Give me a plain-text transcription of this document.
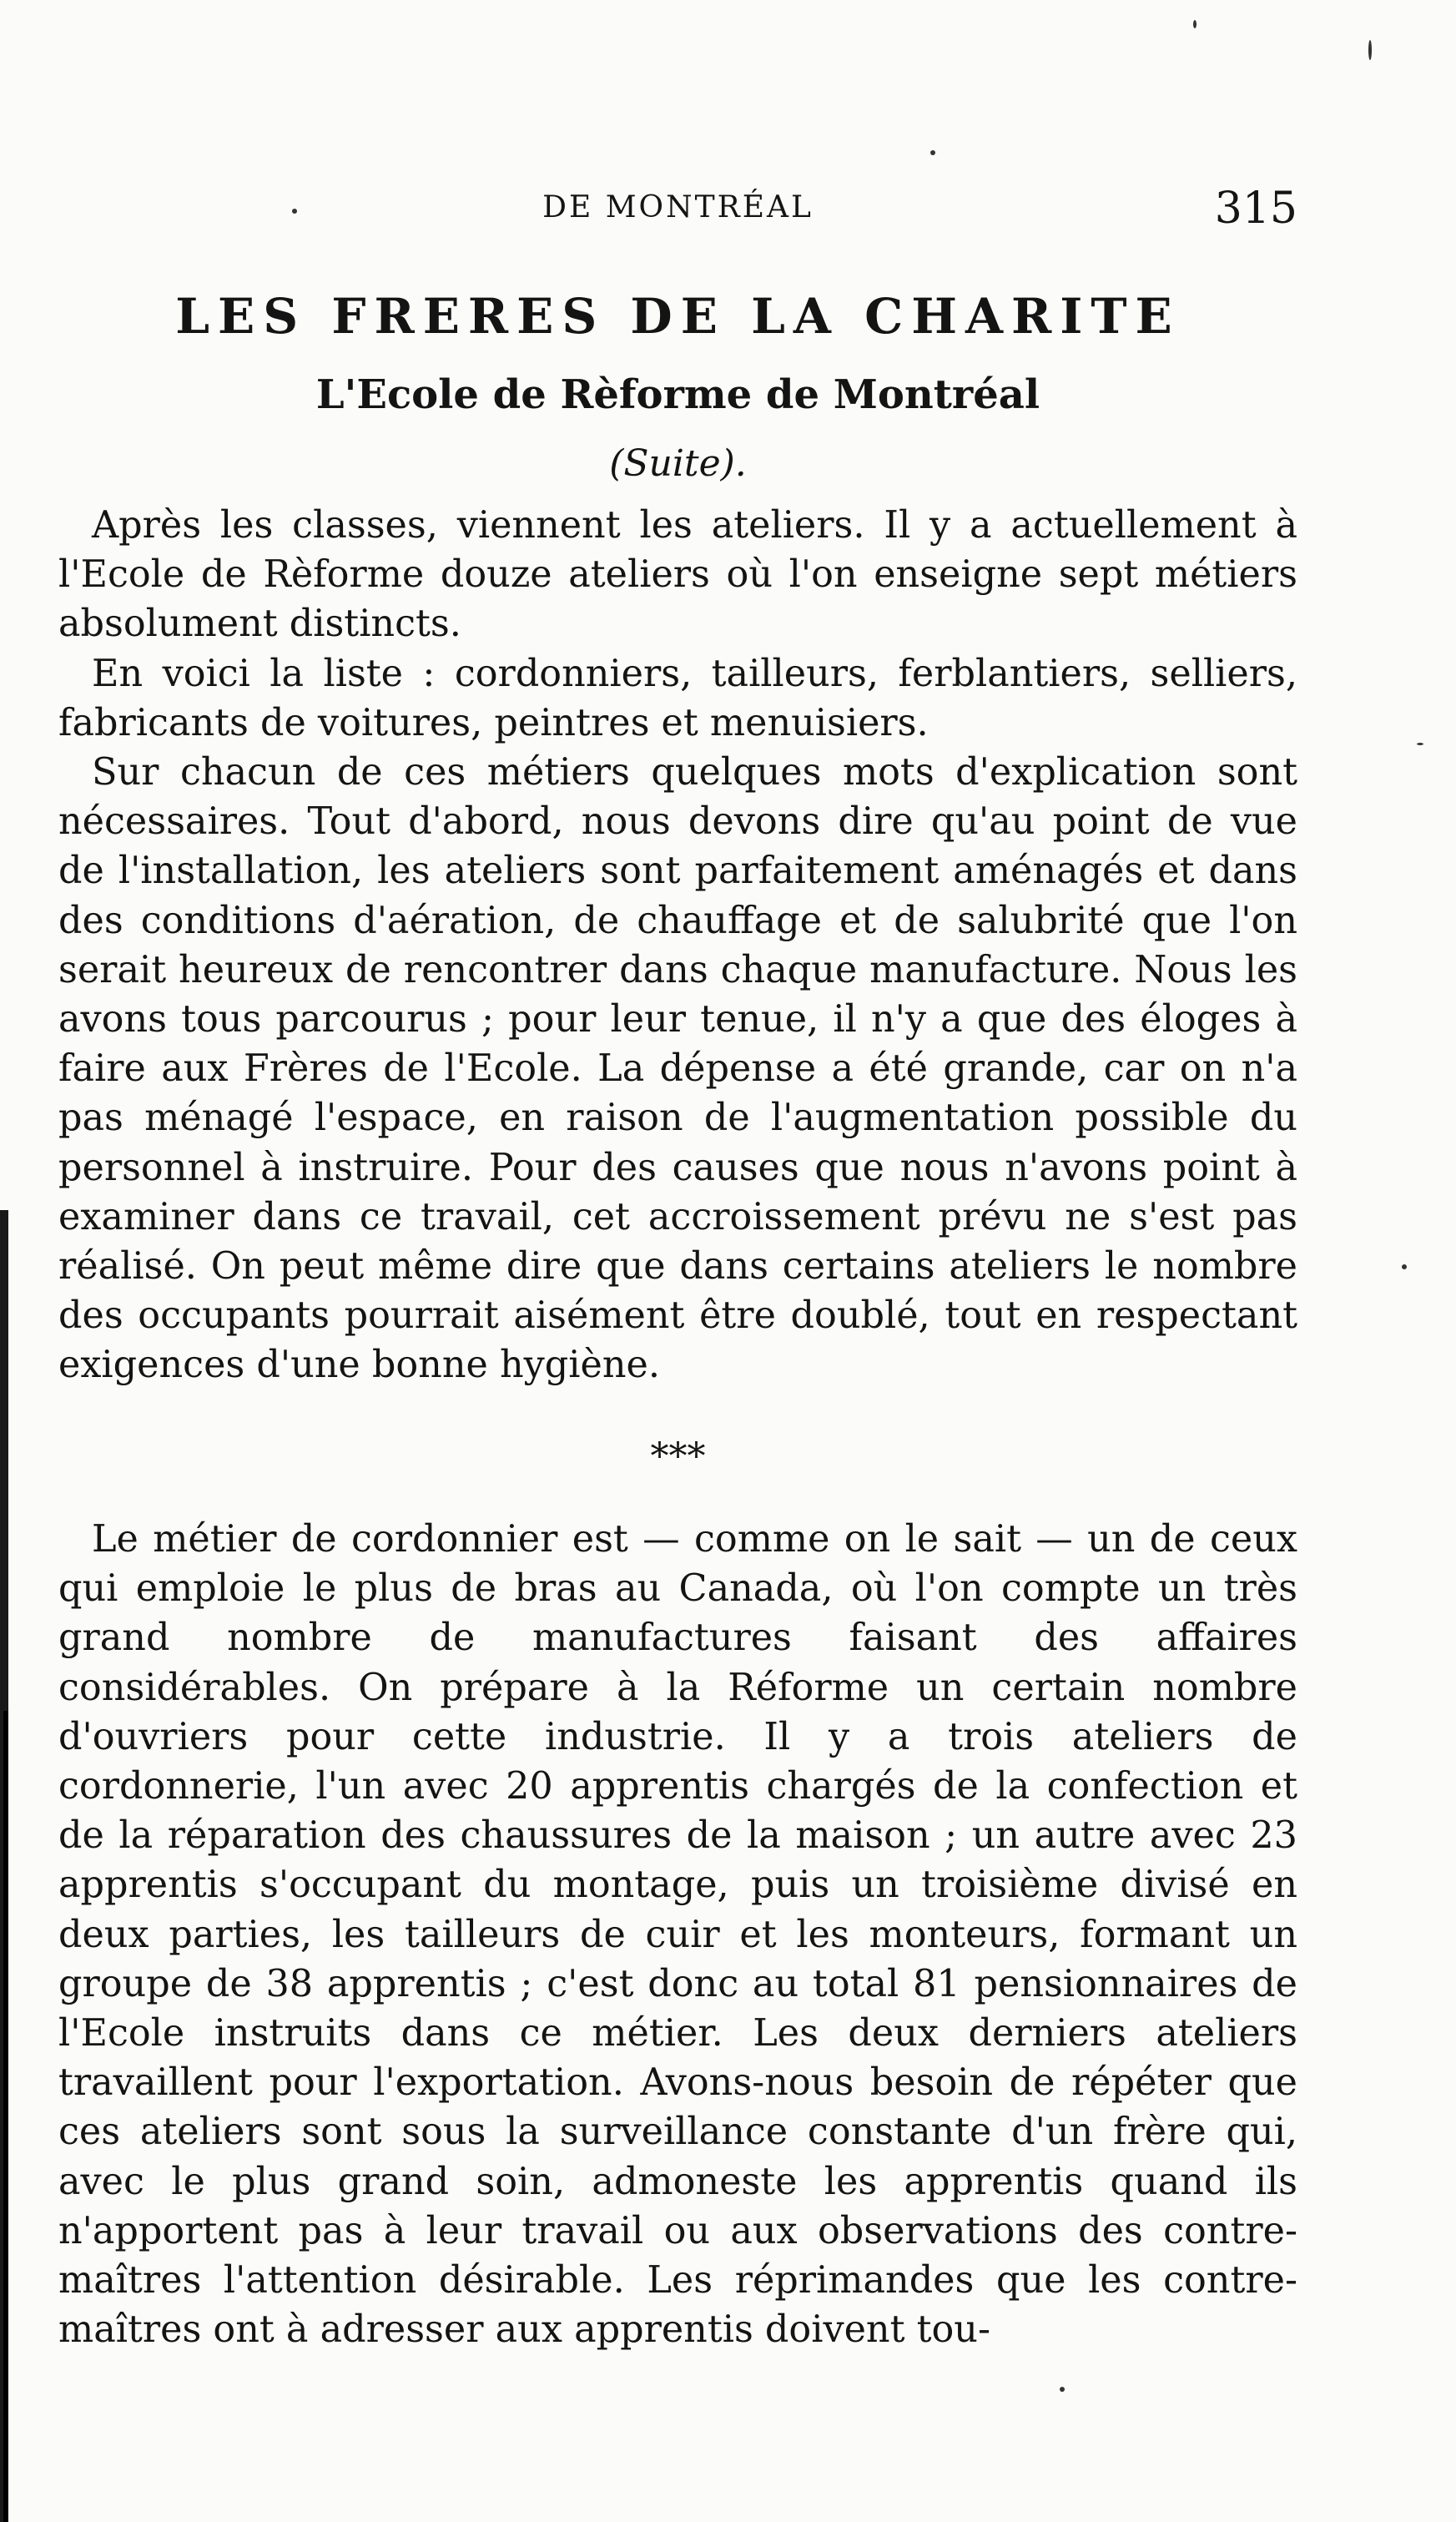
DE MONTRÉAL	315
LES FRERES DE LA CHARITE
L'Ecole de Rèforme de Montréal
(Suite).

Après les classes, viennent les ateliers. Il y a actuellement à l'Ecole de Rèforme douze ateliers où l'on enseigne sept métiers absolument distincts.

En voici la liste : cordonniers, tailleurs, ferblantiers, selliers, fabricants de voitures, peintres et menuisiers.

Sur chacun de ces métiers quelques mots d'explication sont nécessaires. Tout d'abord, nous devons dire qu'au point de vue de l'installation, les ateliers sont parfaitement aménagés et dans des conditions d'aération, de chauffage et de salubrité que l'on serait heureux de rencontrer dans chaque manufacture. Nous les avons tous parcourus ; pour leur tenue, il n'y a que des éloges à faire aux Frères de l'Ecole. La dépense a été grande, car on n'a pas ménagé l'espace, en raison de l'augmentation possible du personnel à instruire. Pour des causes que nous n'avons point à examiner dans ce travail, cet accroissement prévu ne s'est pas réalisé. On peut même dire que dans certains ateliers le nombre des occupants pourrait aisément être doublé, tout en respectant exigences d'une bonne hygiène.

***

Le métier de cordonnier est — comme on le sait — un de ceux qui emploie le plus de bras au Canada, où l'on compte un très grand nombre de manufactures faisant des affaires considérables. On prépare à la Réforme un certain nombre d'ouvriers pour cette industrie. Il y a trois ateliers de cordonnerie, l'un avec 20 apprentis chargés de la confection et de la réparation des chaussures de la maison ; un autre avec 23 apprentis s'occupant du montage, puis un troisième divisé en deux parties, les tailleurs de cuir et les monteurs, formant un groupe de 38 apprentis ; c'est donc au total 81 pensionnaires de l'Ecole instruits dans ce métier. Les deux derniers ateliers travaillent pour l'exportation. Avons-nous besoin de répéter que ces ateliers sont sous la surveillance constante d'un frère qui, avec le plus grand soin, admoneste les apprentis quand ils n'apportent pas à leur travail ou aux observations des contre-maîtres l'attention désirable. Les réprimandes que les contre-maîtres ont à adresser aux apprentis doivent tou-
